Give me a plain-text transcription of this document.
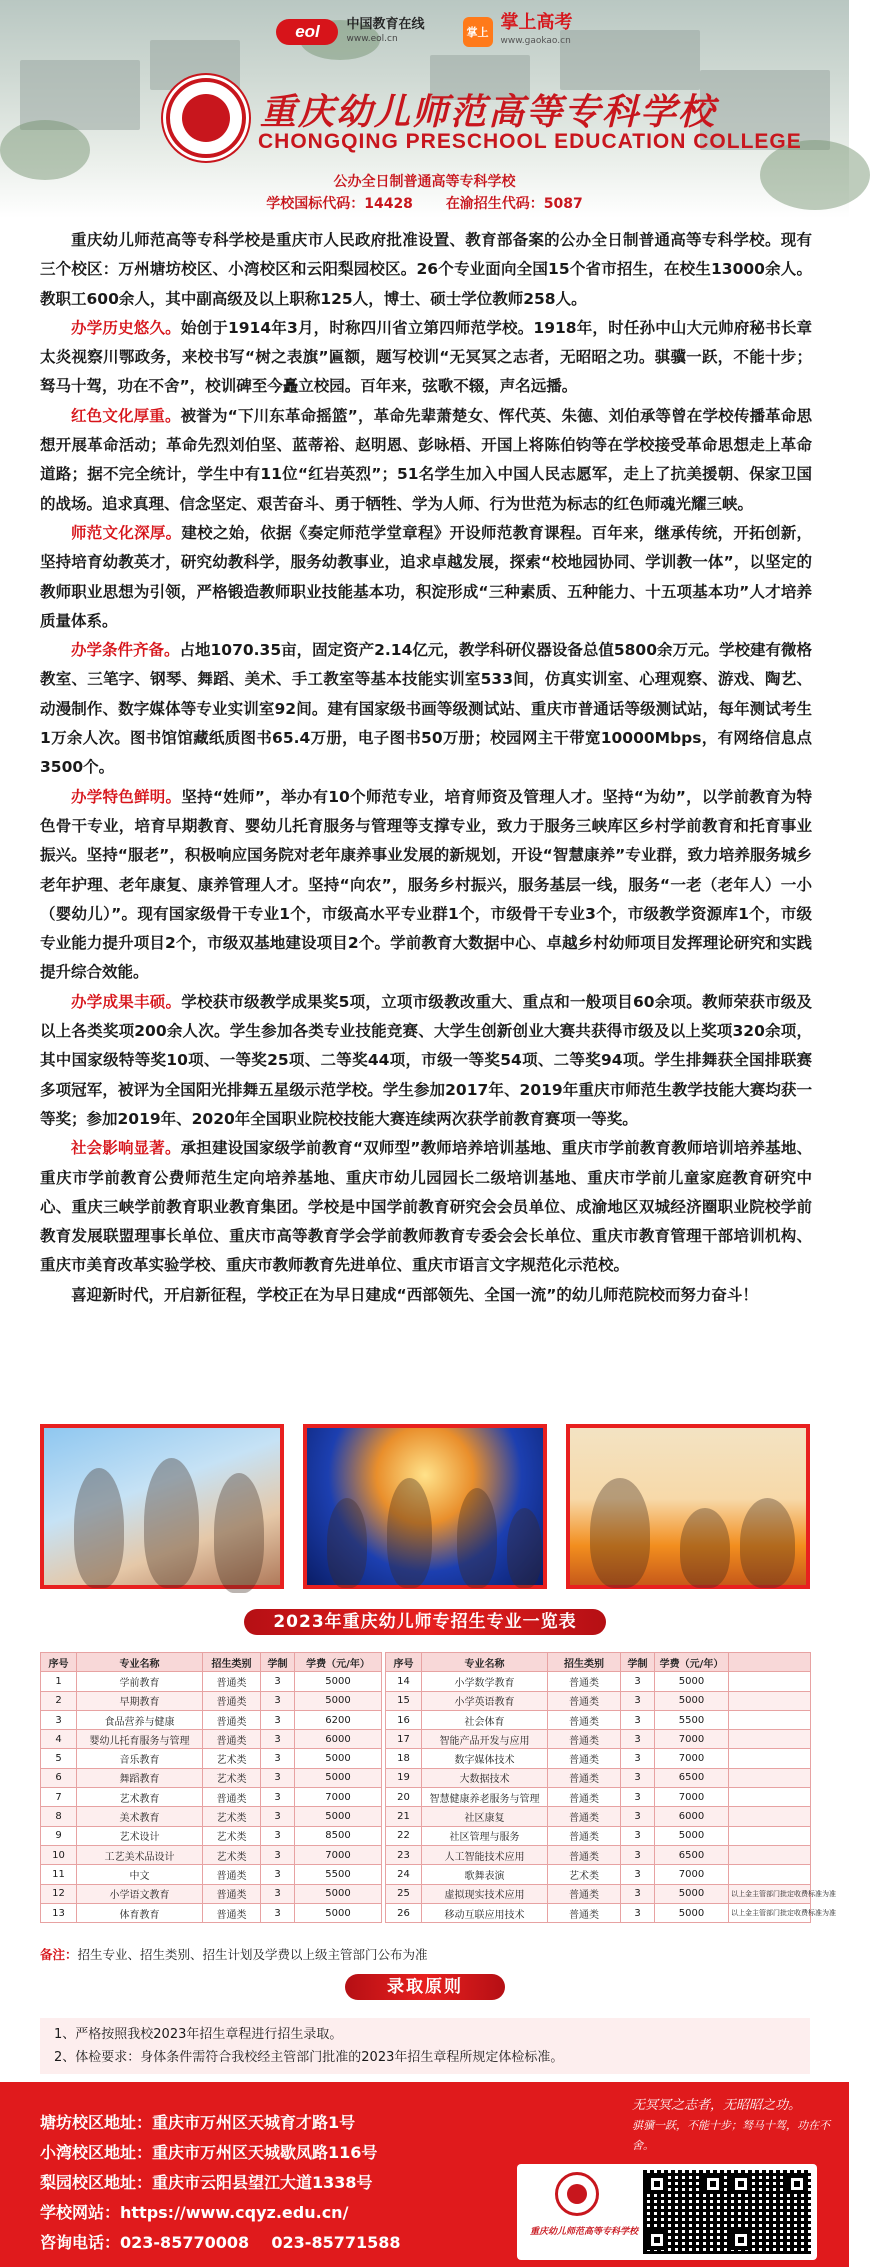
eol	中国教育在线
www.eol.cn	掌上 掌上高考
www.gaokao.cn
重庆幼儿师范高等专科学校
CHONGQING PRESCHOOL EDUCATION COLLEGE
公办全日制普通高等专科学校
学校国标代码：14428 在渝招生代码：5087

重庆幼儿师范高等专科学校是重庆市人民政府批准设置、教育部备案的公办全日制普通高等专科学校。现有三个校区：万州塘坊校区、小湾校区和云阳梨园校区。26个专业面向全国15个省市招生，在校生13000余人。教职工600余人，其中副高级及以上职称125人，博士、硕士学位教师258人。

办学历史悠久。始创于1914年3月，时称四川省立第四师范学校。1918年，时任孙中山大元帅府秘书长章太炎视察川鄂政务，来校书写“树之表旗”匾额，题写校训“无冥冥之志者，无昭昭之功。骐骥一跃，不能十步；驽马十驾，功在不舍”，校训碑至今矗立校园。百年来，弦歌不辍，声名远播。

红色文化厚重。被誉为“下川东革命摇篮”，革命先辈萧楚女、恽代英、朱德、刘伯承等曾在学校传播革命思想开展革命活动；革命先烈刘伯坚、蓝蒂裕、赵明恩、彭咏梧、开国上将陈伯钧等在学校接受革命思想走上革命道路；据不完全统计，学生中有11位“红岩英烈”；51名学生加入中国人民志愿军，走上了抗美援朝、保家卫国的战场。追求真理、信念坚定、艰苦奋斗、勇于牺牲、学为人师、行为世范为标志的红色师魂光耀三峡。

师范文化深厚。建校之始，依据《奏定师范学堂章程》开设师范教育课程。百年来，继承传统，开拓创新，坚持培育幼教英才，研究幼教科学，服务幼教事业，追求卓越发展，探索“校地园协同、学训教一体”，以坚定的教师职业思想为引领，严格锻造教师职业技能基本功，积淀形成“三种素质、五种能力、十五项基本功”人才培养质量体系。

办学条件齐备。占地1070.35亩，固定资产2.14亿元，教学科研仪器设备总值5800余万元。学校建有微格教室、三笔字、钢琴、舞蹈、美术、手工教室等基本技能实训室533间，仿真实训室、心理观察、游戏、陶艺、动漫制作、数字媒体等专业实训室92间。建有国家级书画等级测试站、重庆市普通话等级测试站，每年测试考生1万余人次。图书馆馆藏纸质图书65.4万册，电子图书50万册；校园网主干带宽10000Mbps，有网络信息点3500个。

办学特色鲜明。坚持“姓师”，举办有10个师范专业，培育师资及管理人才。坚持“为幼”，以学前教育为特色骨干专业，培育早期教育、婴幼儿托育服务与管理等支撑专业，致力于服务三峡库区乡村学前教育和托育事业振兴。坚持“服老”，积极响应国务院对老年康养事业发展的新规划，开设“智慧康养”专业群，致力培养服务城乡老年护理、老年康复、康养管理人才。坚持“向农”，服务乡村振兴，服务基层一线，服务“一老（老年人）一小（婴幼儿）”。现有国家级骨干专业1个，市级高水平专业群1个，市级骨干专业3个，市级教学资源库1个，市级专业能力提升项目2个，市级双基地建设项目2个。学前教育大数据中心、卓越乡村幼师项目发挥理论研究和实践提升综合效能。

办学成果丰硕。学校获市级教学成果奖5项，立项市级教改重大、重点和一般项目60余项。教师荣获市级及以上各类奖项200余人次。学生参加各类专业技能竞赛、大学生创新创业大赛共获得市级及以上奖项320余项，其中国家级特等奖10项、一等奖25项、二等奖44项，市级一等奖54项、二等奖94项。学生排舞获全国排联赛多项冠军，被评为全国阳光排舞五星级示范学校。学生参加2017年、2019年重庆市师范生教学技能大赛均获一等奖；参加2019年、2020年全国职业院校技能大赛连续两次获学前教育赛项一等奖。

社会影响显著。承担建设国家级学前教育“双师型”教师培养培训基地、重庆市学前教育教师培训培养基地、重庆市学前教育公费师范生定向培养基地、重庆市幼儿园园长二级培训基地、重庆市学前儿童家庭教育研究中心、重庆三峡学前教育职业教育集团。学校是中国学前教育研究会会员单位、成渝地区双城经济圈职业院校学前教育发展联盟理事长单位、重庆市高等教育学会学前教师教育专委会会长单位、重庆市教育管理干部培训机构、重庆市美育改革实验学校、重庆市教师教育先进单位、重庆市语言文字规范化示范校。

喜迎新时代，开启新征程，学校正在为早日建成“西部领先、全国一流”的幼儿师范院校而努力奋斗！

2023年重庆幼儿师专招生专业一览表
序号	专业名称	招生类别	学制	学费（元/年）		序号	专业名称	招生类别	学制	学费（元/年）	
1	学前教育	普通类	3	5000		14	小学数学教育	普通类	3	5000	
2	早期教育	普通类	3	5000		15	小学英语教育	普通类	3	5000	
3	食品营养与健康	普通类	3	6200		16	社会体育	普通类	3	5500	
4	婴幼儿托育服务与管理	普通类	3	6000		17	智能产品开发与应用	普通类	3	7000	
5	音乐教育	艺术类	3	5000		18	数字媒体技术	普通类	3	7000	
6	舞蹈教育	艺术类	3	5000		19	大数据技术	普通类	3	6500	
7	艺术教育	普通类	3	7000		20	智慧健康养老服务与管理	普通类	3	7000	
8	美术教育	艺术类	3	5000		21	社区康复	普通类	3	6000	
9	艺术设计	艺术类	3	8500		22	社区管理与服务	普通类	3	5000	
10	工艺美术品设计	艺术类	3	7000		23	人工智能技术应用	普通类	3	6500	
11	中文	普通类	3	5500		24	歌舞表演	艺术类	3	7000	
12	小学语文教育	普通类	3	5000		25	虚拟现实技术应用	普通类	3	5000	以上金主管部门批定收费标准为准
13	体育教育	普通类	3	5000		26	移动互联应用技术	普通类	3	5000	以上金主管部门批定收费标准为准
备注：招生专业、招生类别、招生计划及学费以上级主管部门公布为准
录取原则
1、严格按照我校2023年招生章程进行招生录取。
2、体检要求：身体条件需符合我校经主管部门批准的2023年招生章程所规定体检标准。
塘坊校区地址：重庆市万州区天城育才路1号
小湾校区地址：重庆市万州区天城歇凤路116号
梨园校区地址：重庆市云阳县望江大道1338号
学校网站：https://www.cqyz.edu.cn/
咨询电话：023-85770008    023-85771588
无冥冥之志者，无昭昭之功。
骐骥一跃，不能十步；驽马十驾，功在不舍。
重庆幼儿师范高等专科学校
